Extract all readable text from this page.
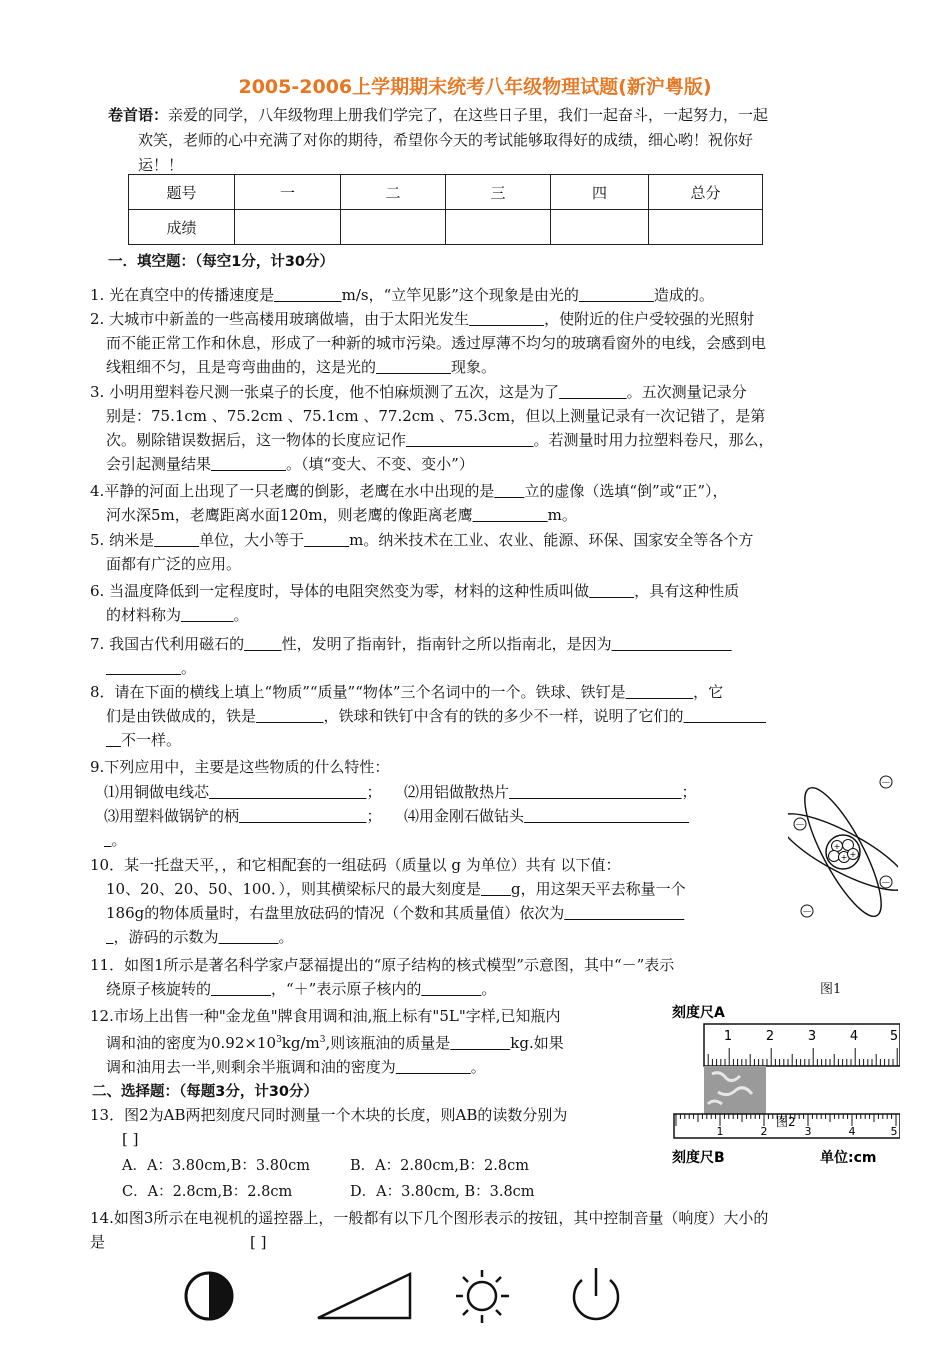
2005-2006上学期期末统考八年级物理试题(新沪粤版)
卷首语：亲爱的同学，八年级物理上册我们学完了，在这些日子里，我们一起奋斗，一起努力，一起
欢笑，老师的心中充满了对你的期待，希望你今天的考试能够取得好的成绩，细心哟！祝你好
运！！
题号	一	二	三	四	总分
成绩					
一．填空题：（每空1分，计30分）
1. 光在真空中的传播速度是     	m/s，“立竿见影”这个现象是由光的     	造成的。
2. 大城市中新盖的一些高楼用玻璃做墙，由于太阳光发生     	，使附近的住户受较强的光照射
而不能正常工作和休息，形成了一种新的城市污染。透过厚薄不均匀的玻璃看窗外的电线，会感到电
线粗细不匀，且是弯弯曲曲的，这是光的     	现象。
3. 小明用塑料卷尺测一张桌子的长度，他不怕麻烦测了五次，这是为了     	。五次测量记录分
别是：75.1cm 、75.2cm 、75.1cm 、77.2cm 、75.3cm，但以上测量记录有一次记错了，是第
次。剔除错误数据后，这一物体的长度应记作         	。若测量时用力拉塑料卷尺，那么，
会引起测量结果     	。（填“变大、不变、变小”）
4.平静的河面上出现了一只老鹰的倒影，老鹰在水中出现的是   立的虚像（选填“倒”或“正”），
河水深5m，老鹰距离水面120m，则老鹰的像距离老鹰     	m。
5. 纳米是   	单位，大小等于   	m。纳米技术在工业、农业、能源、环保、国家安全等各个方
面都有广泛的应用。
6. 当温度降低到一定程度时，导体的电阻突然变为零，材料的这种性质叫做   	，具有这种性质
的材料称为    	。
7. 我国古代利用磁石的   	性，发明了指南针，指南针之所以指南北，是因为        
     。
8．请在下面的横线上填上“物质”“质量”“物体”三个名词中的一个。铁球、铁钉是     	，它
们是由铁做成的，铁是     	，铁球和铁钉中含有的铁的多少不一样，说明了它们的      
 不一样。
9.下列应用中，主要是这些物质的什么特性：
⑴用铜做电线芯           	；   ⑵用铝做散热片            	；
⑶用塑料做锅铲的柄         	；   ⑷用金刚石做钻头           
 。
10．某一托盘天平，，和它相配套的一组砝码（质量以 g 为单位）共有 以下值：
10、20、20、50、100．），则其横梁标尺的最大刻度是   g，用这架天平去称量一个
186g的物体质量时，右盘里放砝码的情况（个数和其质量值）依次为        
 ，游码的示数为    	。
11．如图1所示是著名科学家卢瑟福提出的“原子结构的核式模型”示意图，其中“－”表示
绕原子核旋转的    	，“＋”表示原子核内的    	。
12.市场上出售一种"金龙鱼"牌食用调和油,瓶上标有"5L"字样,已知瓶内
调和油的密度为$0.92\times 10^3kg/m^3$,则该瓶油的质量是    	kg.如果
调和油用去一半,则剩余半瓶调和油的密度为     	。
二、选择题：（每题3分，计30分）
13．图2为AB两把刻度尺同时测量一个木块的长度，则AB的读数分别为
[ ]
A．A：3.80cm,B：3.80cm	B．A：2.80cm,B：2.8cm
C．A：2.8cm,B：2.8cm	D．A：3.80cm, B：3.8cm
14.如图3所示在电视机的遥控器上，一般都有以下几个图形表示的按钮，其中控制音量（响度）大小的
是	[ ]
+
+ +
－
－
－
－
图1
刻度尺A
1	2	3	4 5
1	2	3	4	5
图2
刻度尺B	单位:cm
